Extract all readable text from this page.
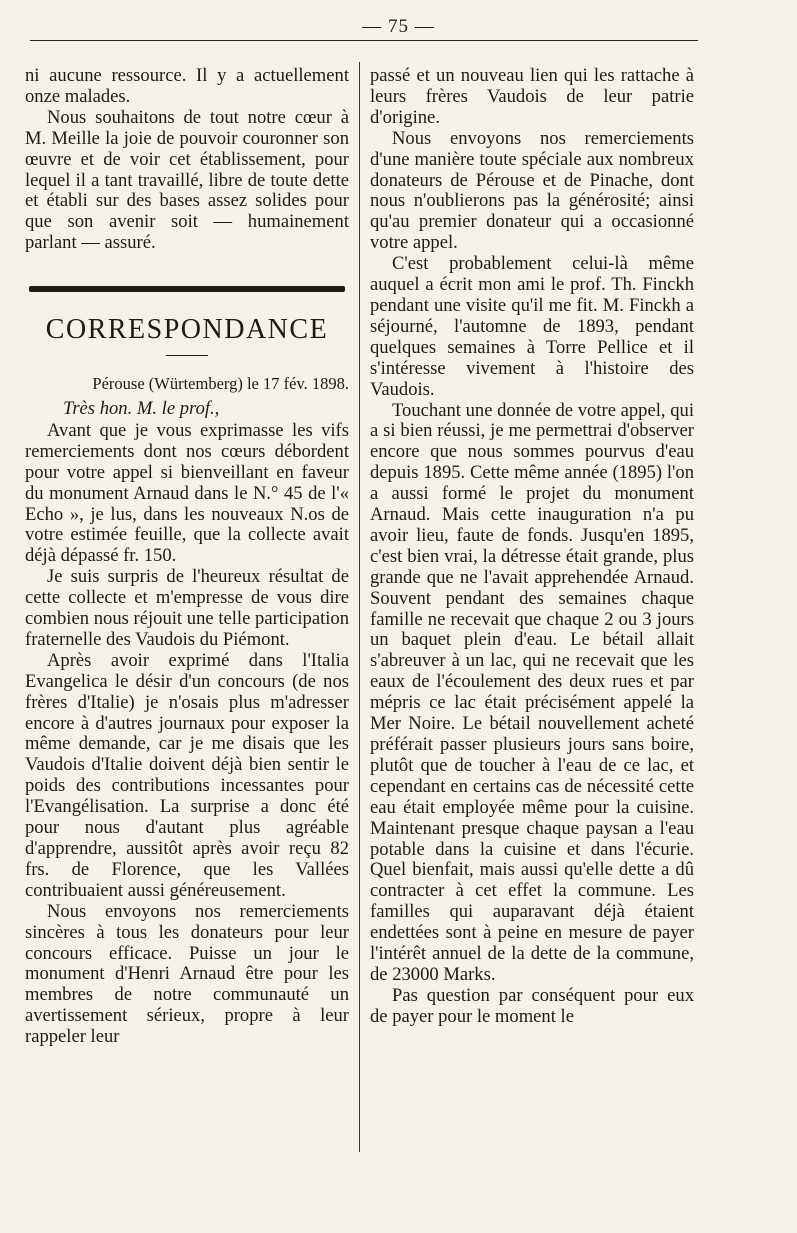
— 75 —

ni aucune ressource. Il y a actuellement onze malades.

Nous souhaitons de tout notre cœur à M. Meille la joie de pouvoir couronner son œuvre et de voir cet établissement, pour lequel il a tant travaillé, libre de toute dette et établi sur des bases assez solides pour que son avenir soit — humainement parlant — assuré.

CORRESPONDANCE
Pérouse (Würtemberg) le 17 fév. 1898.
Très hon. M. le prof.,

Avant que je vous exprimasse les vifs remerciements dont nos cœurs débordent pour votre appel si bienveillant en faveur du monument Arnaud dans le N.° 45 de l'« Echo », je lus, dans les nouveaux N.os de votre estimée feuille, que la collecte avait déjà dépassé fr. 150.

Je suis surpris de l'heureux résultat de cette collecte et m'empresse de vous dire combien nous réjouit une telle participation fraternelle des Vaudois du Piémont.

Après avoir exprimé dans l'Italia Evangelica le désir d'un concours (de nos frères d'Italie) je n'osais plus m'adresser encore à d'autres journaux pour exposer la même demande, car je me disais que les Vaudois d'Italie doivent déjà bien sentir le poids des contributions incessantes pour l'Evangélisation. La surprise a donc été pour nous d'autant plus agréable d'apprendre, aussitôt après avoir reçu 82 frs. de Florence, que les Vallées contribuaient aussi généreusement.

Nous envoyons nos remerciements sincères à tous les donateurs pour leur concours efficace. Puisse un jour le monument d'Henri Arnaud être pour les membres de notre communauté un avertissement sérieux, propre à leur rappeler leur

passé et un nouveau lien qui les rattache à leurs frères Vaudois de leur patrie d'origine.

Nous envoyons nos remerciements d'une manière toute spéciale aux nombreux donateurs de Pérouse et de Pinache, dont nous n'oublierons pas la générosité; ainsi qu'au premier donateur qui a occasionné votre appel.

C'est probablement celui-là même auquel a écrit mon ami le prof. Th. Finckh pendant une visite qu'il me fit. M. Finckh a séjourné, l'automne de 1893, pendant quelques semaines à Torre Pellice et il s'intéresse vivement à l'histoire des Vaudois.

Touchant une donnée de votre appel, qui a si bien réussi, je me permettrai d'observer encore que nous sommes pourvus d'eau depuis 1895. Cette même année (1895) l'on a aussi formé le projet du monument Arnaud. Mais cette inauguration n'a pu avoir lieu, faute de fonds. Jusqu'en 1895, c'est bien vrai, la détresse était grande, plus grande que ne l'avait apprehendée Arnaud. Souvent pendant des semaines chaque famille ne recevait que chaque 2 ou 3 jours un baquet plein d'eau. Le bétail allait s'abreuver à un lac, qui ne recevait que les eaux de l'écoulement des deux rues et par mépris ce lac était précisément appelé la Mer Noire. Le bétail nouvellement acheté préférait passer plusieurs jours sans boire, plutôt que de toucher à l'eau de ce lac, et cependant en certains cas de nécessité cette eau était employée même pour la cuisine. Maintenant presque chaque paysan a l'eau potable dans la cuisine et dans l'écurie. Quel bienfait, mais aussi qu'elle dette a dû contracter à cet effet la commune. Les familles qui auparavant déjà étaient endettées sont à peine en mesure de payer l'intérêt annuel de la dette de la commune, de 23000 Marks.

Pas question par conséquent pour eux de payer pour le moment le
